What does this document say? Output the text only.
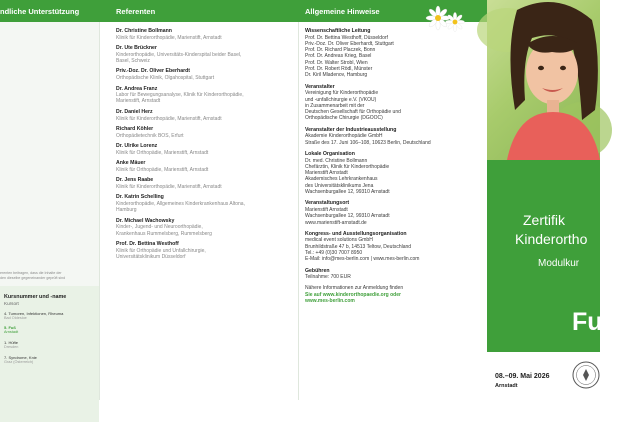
ndliche Unterstützung	Referenten	Allgemeine Hinweise
erenten beitragen, dass die Inhalte der
den dieselbe gegeneinander geprüft sind
Kursnummer und -name
Kursort
4. Tumoren, Infektionen, Rheuma
Bad Oldesloe
5. Fuß
Arnstadt
1. Hüfte
Dresden
7. Syndrome, Knie
Graz (Österreich)
Dr. Christine Bollmann
Klinik für Kinderorthopädie, Marienstift, Arnstadt
Dr. Ute Brückner
Kinderorthopädie, Universitäts-Kinderspital beider Basel,
Basel, Schweiz
Priv.-Doz. Dr. Oliver Eberhardt
Orthopädische Klinik, Olgahospital, Stuttgart
Dr. Andrea Franz
Labor für Bewegungsanalyse, Klinik für Kinderorthopädie,
Marienstift, Arnstadt
Dr. Daniel Herz
Klinik für Kinderorthopädie, Marienstift, Arnstadt
Richard Köhler
Orthopädietechnik BOS, Erfurt
Dr. Ulrike Lorenz
Klinik für Orthopädie, Marienstift, Arnstadt
Anke Mäuer
Klinik für Orthopädie, Marienstift, Arnstadt
Dr. Jens Raabe
Klinik für Kinderorthopädie, Marienstift, Arnstadt
Dr. Katrin Schelling
Kinderorthopädie, Allgemeines Kinderkrankenhaus Altona,
Hamburg
Dr. Michael Wachowsky
Kinder-, Jugend- und Neuroorthopädie,
Krankenhaus Rummelsberg, Rummelsberg
Prof. Dr. Bettina Westhoff
Klinik für Orthopädie und Unfallchirurgie,
Universitätsklinikum Düsseldorf
Wissenschaftliche Leitung
Prof. Dr. Bettina Westhoff, Düsseldorf
Priv.-Doz. Dr. Oliver Eberhardt, Stuttgart
Prof. Dr. Richard Placzek, Bonn
Prof. Dr. Andreas Krieg, Basel
Prof. Dr. Walter Strobl, Wien
Prof. Dr. Robert Rödl, Münster
Dr. Kiril Mladenov, Hamburg
Veranstalter
Vereinigung für Kinderorthopädie
und -unfallchirurgie e.V. (VKOU)
in Zusammenarbeit mit der
Deutschen Gesellschaft für Orthopädie und
Orthopädische Chirurgie (DGOOC)
Veranstalter der Industrieausstellung
Akademie Kinderorthopädie GmbH
Straße des 17. Juni 106–108, 10623 Berlin, Deutschland
Lokale Organisation
Dr. med. Christine Bollmann
Chefärztin, Klinik für Kinderorthopädie
Marienstift Arnstadt
Akademisches Lehrkrankenhaus
des Universitätsklinikums Jena
Wachsenburgallee 12, 99310 Arnstadt
Veranstaltungsort
Marienstift Arnstadt
Wachsenburgallee 12, 99310 Arnstadt
www.marienstift-arnstadt.de
Kongress- und Ausstellungsorganisation
medical event solutions GmbH
Brunhildstraße 47 b, 14513 Teltow, Deutschland
Tel.: +49 (0)30 7007 8950
E-Mail: info@mes-berlin.com | www.mes-berlin.com
Gebühren
Teilnahme: 700 EUR
Nähere Informationen zur Anmeldung finden
Sie auf www.kinderorthopaedie.org oder
www.mes-berlin.com
Zertifik
Kinderortho
Modulkur
Fuß
08.–09. Mai 2026
Arnstadt
